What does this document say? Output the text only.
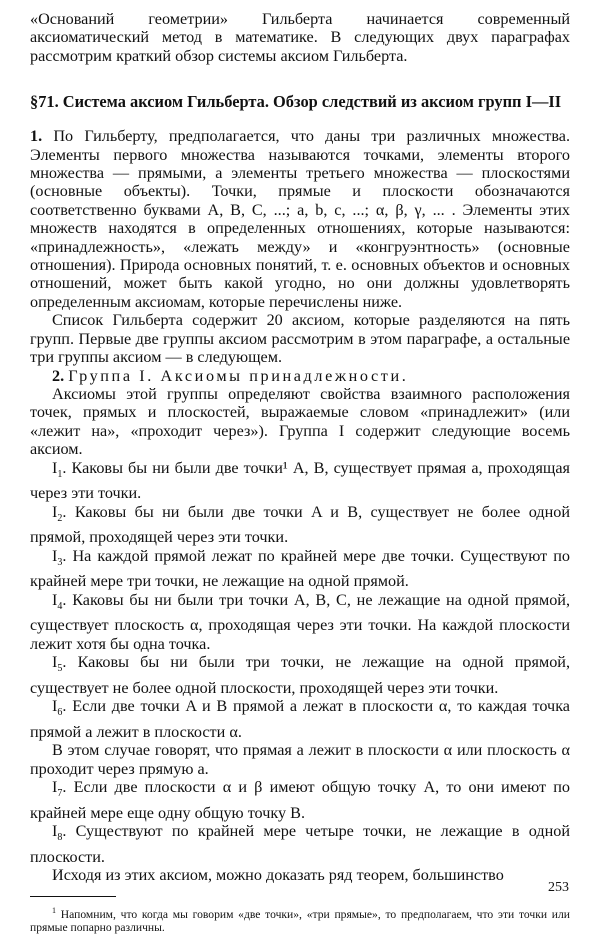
«Оснований геометрии» Гильберта начинается современный аксиоматический метод в математике. В следующих двух параграфах рассмотрим краткий обзор системы аксиом Гильберта.

§71. Система аксиом Гильберта. Обзор следствий из аксиом групп I—II

1. По Гильберту, предполагается, что даны три различных множества. Элементы первого множества называются точками, элементы второго множества — прямыми, а элементы третьего множества — плоскостями (основные объекты). Точки, прямые и плоскости обозначаются соответственно буквами A, B, C, ...; a, b, c, ...; α, β, γ, ... . Элементы этих множеств находятся в определенных отношениях, которые называются: «принадлежность», «лежать между» и «конгруэнтность» (основные отношения). Природа основных понятий, т. е. основных объектов и основных отношений, может быть какой угодно, но они должны удовлетворять определенным аксиомам, которые перечислены ниже.

Список Гильберта содержит 20 аксиом, которые разделяются на пять групп. Первые две группы аксиом рассмотрим в этом параграфе, а остальные три группы аксиом — в следующем.

2. Группа I. Аксиомы принадлежности.

Аксиомы этой группы определяют свойства взаимного расположения точек, прямых и плоскостей, выражаемые словом «принадлежит» (или «лежит на», «проходит через»). Группа I содержит следующие восемь аксиом.

$I_1$. Каковы бы ни были две точки¹ A, B, существует прямая a, проходящая через эти точки.

$I_2$. Каковы бы ни были две точки A и B, существует не более одной прямой, проходящей через эти точки.

$I_3$. На каждой прямой лежат по крайней мере две точки. Существуют по крайней мере три точки, не лежащие на одной прямой.

$I_4$. Каковы бы ни были три точки A, B, C, не лежащие на одной прямой, существует плоскость α, проходящая через эти точки. На каждой плоскости лежит хотя бы одна точка.

$I_5$. Каковы бы ни были три точки, не лежащие на одной прямой, существует не более одной плоскости, проходящей через эти точки.

$I_6$. Если две точки A и B прямой a лежат в плоскости α, то каждая точка прямой a лежит в плоскости α.

В этом случае говорят, что прямая a лежит в плоскости α или плоскость α проходит через прямую a.

$I_7$. Если две плоскости α и β имеют общую точку A, то они имеют по крайней мере еще одну общую точку B.

$I_8$. Существуют по крайней мере четыре точки, не лежащие в одной плоскости.

Исходя из этих аксиом, можно доказать ряд теорем, большинство

$^1$ Напомним, что когда мы говорим «две точки», «три прямые», то предполагаем, что эти точки или прямые попарно различны.

253
